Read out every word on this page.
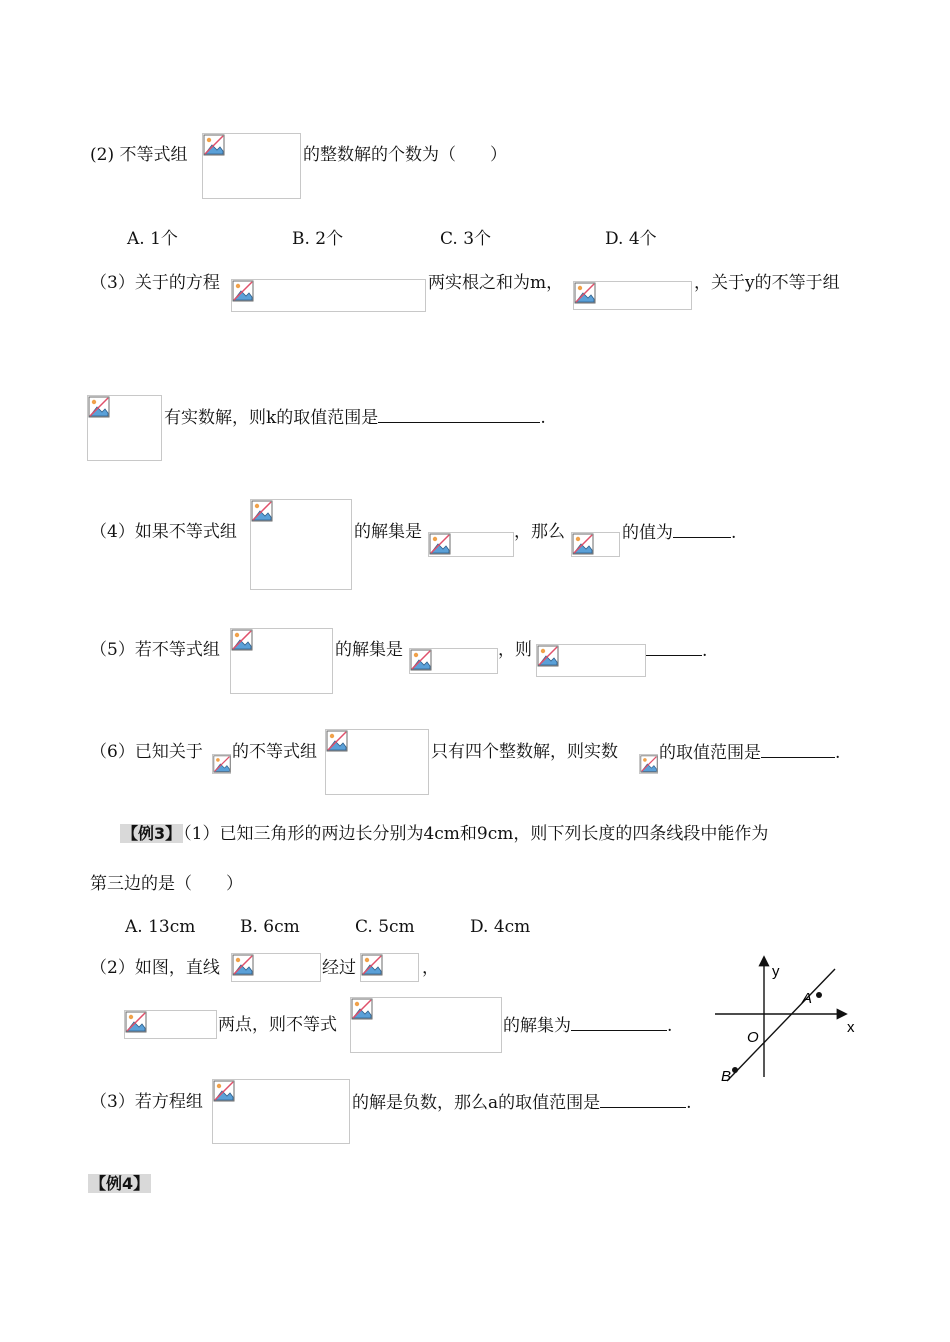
(2) 不等式组	的整数解的个数为（　　）
A. 1个	B. 2个	C. 3个	D. 4个
（3）关于的方程	两实根之和为m，	，关于y的不等于组
有实数解，则k的取值范围是	.
（4）如果不等式组	的解集是	，那么	的值为	.
（5）若不等式组	的解集是	，则	.
（6）已知关于 的不等式组	只有四个整数解，则实数 的取值范围是	.
【例3】 （1）已知三角形的两边长分别为4cm和9cm，则下列长度的四条线段中能作为
第三边的是（　　）
A. 13cm	B. 6cm	C. 5cm	D. 4cm
（2）如图，直线	经过	，
两点，则不等式	的解集为	.
y
x
O
A
B
（3）若方程组	的解是负数，那么a的取值范围是	.
【例4】
